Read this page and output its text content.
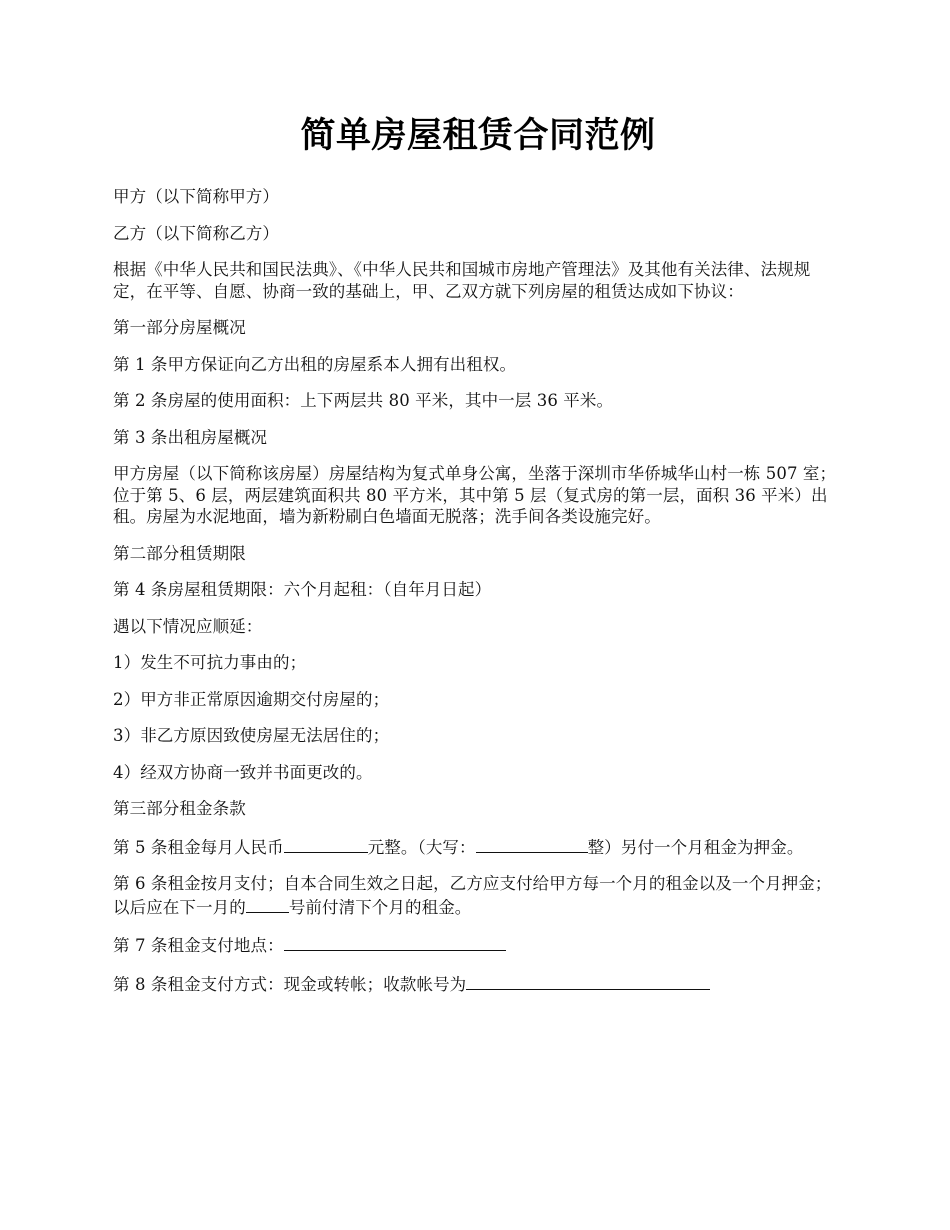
简单房屋租赁合同范例

甲方（以下简称甲方）

乙方（以下简称乙方）

根据《中华人民共和国民法典》、《中华人民共和国城市房地产管理法》及其他有关法律、法规规定，在平等、自愿、协商一致的基础上，甲、乙双方就下列房屋的租赁达成如下协议：

第一部分房屋概况

第 1 条甲方保证向乙方出租的房屋系本人拥有出租权。

第 2 条房屋的使用面积：上下两层共 80 平米，其中一层 36 平米。

第 3 条出租房屋概况

甲方房屋（以下简称该房屋）房屋结构为复式单身公寓，坐落于深圳市华侨城华山村一栋 507 室；位于第 5、6 层，两层建筑面积共 80 平方米，其中第 5 层（复式房的第一层，面积 36 平米）出租。房屋为水泥地面，墙为新粉刷白色墙面无脱落；洗手间各类设施完好。

第二部分租赁期限

第 4 条房屋租赁期限：六个月起租：（自年月日起）

遇以下情况应顺延：

1）发生不可抗力事由的；

2）甲方非正常原因逾期交付房屋的；

3）非乙方原因致使房屋无法居住的；

4）经双方协商一致并书面更改的。

第三部分租金条款

第 5 条租金每月人民币	元整。（大写：	整）另付一个月租金为押金。

第 6 条租金按月支付；自本合同生效之日起，乙方应支付给甲方每一个月的租金以及一个月押金；以后应在下一月的	号前付清下个月的租金。

第 7 条租金支付地点：

第 8 条租金支付方式：现金或转帐；收款帐号为
